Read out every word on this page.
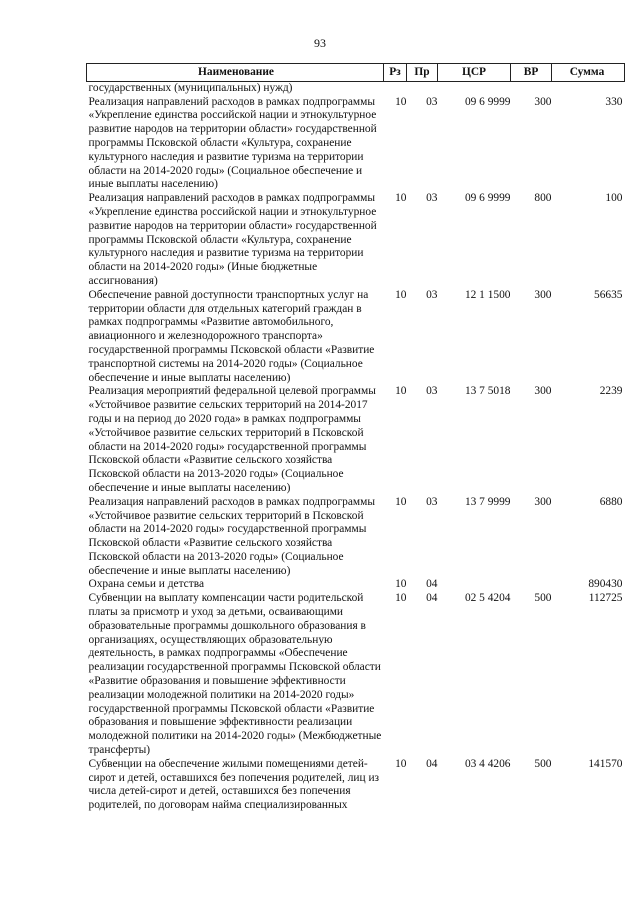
93
Наименование	Рз	Пр	ЦСР	ВР	Сумма
государственных (муниципальных) нужд)					
Реализация направлений расходов в рамках подпрограммы «Укрепление единства российской нации и этнокультурное развитие народов на территории области» государственной программы Псковской области «Культура, сохранение культурного наследия и развитие туризма на территории области на 2014-2020 годы» (Социальное обеспечение и иные выплаты населению)	10	03	09 6 9999	300	330
Реализация направлений расходов в рамках подпрограммы «Укрепление единства российской нации и этнокультурное развитие народов на территории области» государственной программы Псковской области «Культура, сохранение культурного наследия и развитие туризма на территории области на 2014-2020 годы» (Иные бюджетные ассигнования)	10	03	09 6 9999	800	100
Обеспечение равной доступности транспортных услуг на территории области для отдельных категорий граждан в рамках подпрограммы «Развитие автомобильного, авиационного и железнодорожного транспорта» государственной программы Псковской области «Развитие транспортной системы на 2014-2020 годы» (Социальное обеспечение и иные выплаты населению)	10	03	12 1 1500	300	56635
Реализация мероприятий федеральной целевой программы «Устойчивое развитие сельских территорий на 2014-2017 годы и на период до 2020 года» в рамках подпрограммы «Устойчивое развитие сельских территорий в Псковской области на 2014-2020 годы» государственной программы Псковской области «Развитие сельского хозяйства Псковской области на 2013-2020 годы» (Социальное обеспечение и иные выплаты населению)	10	03	13 7 5018	300	2239
Реализация направлений расходов в рамках подпрограммы «Устойчивое развитие сельских территорий в Псковской области на 2014-2020 годы» государственной программы Псковской области «Развитие сельского хозяйства Псковской области на 2013-2020 годы» (Социальное обеспечение и иные выплаты населению)	10	03	13 7 9999	300	6880
Охрана семьи и детства	10	04			890430
Субвенции на выплату компенсации части родительской платы за присмотр и уход за детьми, осваивающими образовательные программы дошкольного образования в организациях, осуществляющих образовательную деятельность, в рамках подпрограммы «Обеспечение реализации государственной программы Псковской области «Развитие образования и повышение эффективности реализации молодежной политики на 2014-2020 годы» государственной программы Псковской области «Развитие образования и повышение эффективности реализации молодежной политики на 2014-2020 годы» (Межбюджетные трансферты)	10	04	02 5 4204	500	112725
Субвенции на обеспечение жилыми помещениями детей-сирот и детей, оставшихся без попечения родителей, лиц из числа детей-сирот и детей, оставшихся без попечения родителей, по договорам найма специализированных	10	04	03 4 4206	500	141570
